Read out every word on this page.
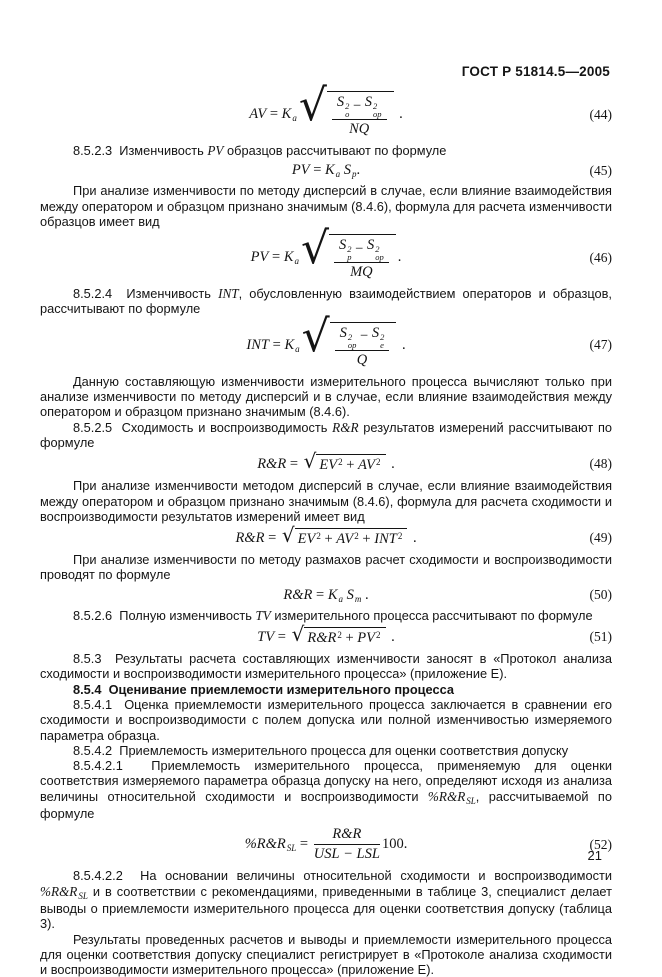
ГОСТ Р 51814.5—2005
AV = $K_a$ √ S 2
o
− S 2
op
NQ .	(44)

8.5.2.3  Изменчивость PV образцов рассчитывают по формуле

PV = $K_a$
$S_p$ .	(45)

При анализе изменчивости по методу дисперсий в случае, если влияние взаимодействия между оператором и образцом признано значимым (8.4.6), формула для расчета изменчивости образцов имеет вид

PV = $K_a$ √ S 2
p
− S 2
op
MQ .	(46)

8.5.2.4  Изменчивость INT, обусловленную взаимодействием операторов и образцов, рассчитывают по формуле

INT = $K_a$ √ S 2
op
− S 2
e
Q .	(47)

Данную составляющую изменчивости измерительного процесса вычисляют только при анализе изменчивости по методу дисперсий и в случае, если влияние взаимодействия между оператором и образцом признано значимым (8.4.6).

8.5.2.5  Сходимость и воспроизводимость R&R результатов измерений рассчитывают по формуле

R&R = √ EV 2 + AV 2 .	(48)

При анализе изменчивости методом дисперсий в случае, если влияние взаимодействия между оператором и образцом признано значимым (8.4.6), формула для расчета сходимости и воспроизводимости результатов измерений имеет вид

R&R = √ EV 2 + AV 2 + INT 2 .	(49)

При анализе изменчивости по методу размахов расчет сходимости и воспроизводимости проводят по формуле

R&R = $K_a$
$S_m$ .	(50)

8.5.2.6  Полную изменчивость TV измерительного процесса рассчитывают по формуле

TV = √ R&R 2 + PV 2 .	(51)

8.5.3  Результаты расчета составляющих изменчивости заносят в «Протокол анализа сходимости и воспроизводимости измерительного процесса» (приложение Е).

8.5.4  Оценивание приемлемости измерительного процесса

8.5.4.1  Оценка приемлемости измерительного процесса заключается в сравнении его сходимости и воспроизводимости с полем допуска или полной изменчивостью измеряемого параметра образца.

8.5.4.2  Приемлемость измерительного процесса для оценки соответствия допуску

8.5.4.2.1  Приемлемость измерительного процесса, применяемую для оценки соответствия измеряемого параметра образца допуску на него, определяют исходя из анализа величины относительной сходимости и воспроизводимости $\%R\&R_{SL}$, рассчитываемой по формуле

$\%R\&R_{SL} = \frac{R\&R}{\text{USL − LSL}} 100$.	(52)

8.5.4.2.2  На основании величины относительной сходимости и воспроизводимости $\%R\&R_{SL}$ и в соответствии с рекомендациями, приведенными в таблице 3, специалист делает выводы о приемлемости измерительного процесса для оценки соответствия допуску (таблица 3).

Результаты проведенных расчетов и выводы и приемлемости измерительного процесса для оценки соответствия допуску специалист регистрирует в «Протоколе анализа сходимости и воспроизводимости измерительного процесса» (приложение Е).

21
